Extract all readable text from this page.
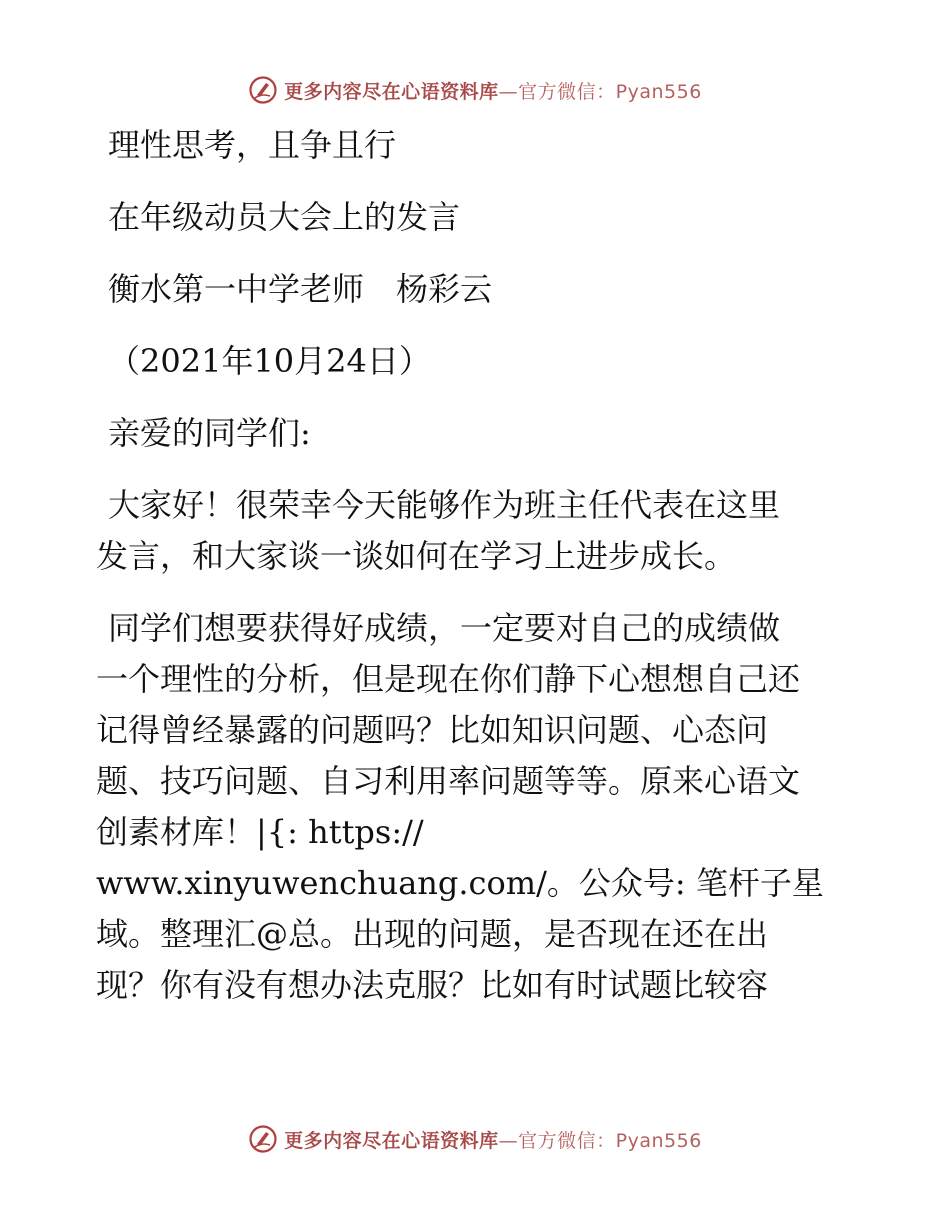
更多内容尽在心语资料库—官方微信：Pyan556
理性思考，且争且行
在年级动员大会上的发言
衡水第一中学老师　杨彩云
（2021年10月24日）
亲爱的同学们:
大家好！很荣幸今天能够作为班主任代表在这里
发言，和大家谈一谈如何在学习上进步成长。
同学们想要获得好成绩，一定要对自己的成绩做
一个理性的分析，但是现在你们静下心想想自己还
记得曾经暴露的问题吗？比如知识问题、心态问
题、技巧问题、自习利用率问题等等。原来心语文
创素材库！|{: https://
www.xinyuwenchuang.com/。公众号: 笔杆子星
域。整理汇@总。出现的问题，是否现在还在出
现？你有没有想办法克服？比如有时试题比较容
更多内容尽在心语资料库—官方微信：Pyan556
